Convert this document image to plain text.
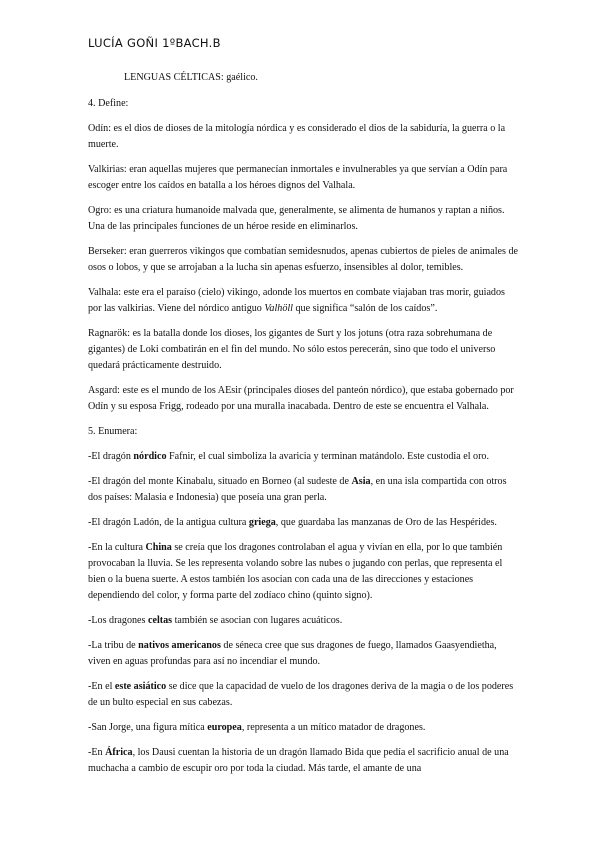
LUCÍA GOÑI 1ºBACH.B

LENGUAS CÉLTICAS: gaélico.

4. Define:

Odín: es el dios de dioses de la mitología nórdica y es considerado el dios de la sabiduría, la guerra o la muerte.

Valkirias: eran aquellas mujeres que permanecían inmortales e invulnerables ya que servían a Odín para escoger entre los caídos en batalla a los héroes dignos del Valhala.

Ogro: es una criatura humanoide malvada que, generalmente, se alimenta de humanos y raptan a niños. Una de las principales funciones de un héroe reside en eliminarlos.

Berseker: eran guerreros vikingos que combatían semidesnudos, apenas cubiertos de pieles de animales de osos o lobos, y que se arrojaban a la lucha sin apenas esfuerzo, insensibles al dolor, temibles.

Valhala: este era el paraíso (cielo) vikingo, adonde los muertos en combate viajaban tras morir, guiados por las valkirias. Viene del nórdico antiguo Valhöll que significa “salón de los caídos”.

Ragnarök: es la batalla donde los dioses, los gigantes de Surt y los jotuns (otra raza sobrehumana de gigantes) de Loki combatirán en el fin del mundo. No sólo estos perecerán, sino que todo el universo quedará prácticamente destruido.

Asgard: este es el mundo de los AEsir (principales dioses del panteón nórdico), que estaba gobernado por Odín y su esposa Frigg, rodeado por una muralla inacabada. Dentro de este se encuentra el Valhala.

5. Enumera:

-El dragón nórdico Fafnir, el cual simboliza la avaricia y terminan matándolo. Este custodia el oro.

-El dragón del monte Kinabalu, situado en Borneo (al sudeste de Asia, en una isla compartida con otros dos países: Malasia e Indonesia) que poseía una gran perla.

-El dragón Ladón, de la antigua cultura griega, que guardaba las manzanas de Oro de las Hespérides.

-En la cultura China se creía que los dragones controlaban el agua y vivían en ella, por lo que también provocaban la lluvia. Se les representa volando sobre las nubes o jugando con perlas, que representa el bien o la buena suerte. A estos también los asocian con cada una de las direcciones y estaciones dependiendo del color, y forma parte del zodíaco chino (quinto signo).

-Los dragones celtas también se asocian con lugares acuáticos.

-La tribu de nativos americanos de séneca cree que sus dragones de fuego, llamados Gaasyendietha, viven en aguas profundas para así no incendiar el mundo.

-En el este asiático se dice que la capacidad de vuelo de los dragones deriva de la magia o de los poderes de un bulto especial en sus cabezas.

-San Jorge, una figura mítica europea, representa a un mítico matador de dragones.

-En África, los Dausi cuentan la historia de un dragón llamado Bida que pedía el sacrificio anual de una muchacha a cambio de escupir oro por toda la ciudad. Más tarde, el amante de una
